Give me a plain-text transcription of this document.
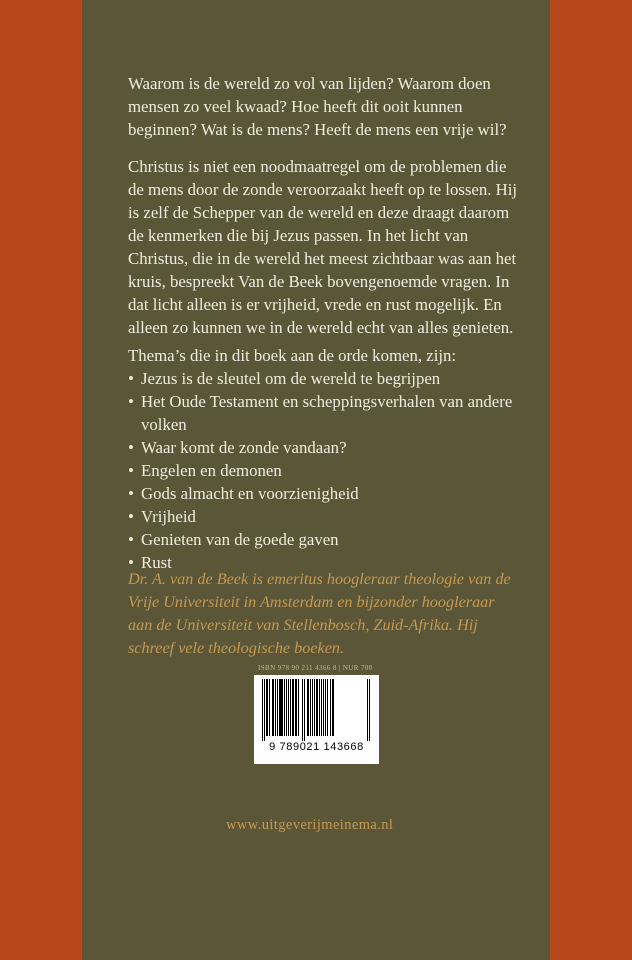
Waarom is de wereld zo vol van lijden? Waarom doen mensen zo veel kwaad? Hoe heeft dit ooit kunnen beginnen? Wat is de mens? Heeft de mens een vrije wil?

Christus is niet een noodmaatregel om de problemen die de mens door de zonde veroorzaakt heeft op te lossen. Hij is zelf de Schepper van de wereld en deze draagt daarom de kenmerken die bij Jezus passen. In het licht van Christus, die in de wereld het meest zichtbaar was aan het kruis, bespreekt Van de Beek bovengenoemde vragen. In dat licht alleen is er vrijheid, vrede en rust mogelijk. En alleen zo kunnen we in de wereld echt van alles genieten.

Thema’s die in dit boek aan de orde komen, zijn:

• Jezus is de sleutel om de wereld te begrijpen
• Het Oude Testament en scheppingsverhalen van andere volken
• Waar komt de zonde vandaan?
• Engelen en demonen
• Gods almacht en voorzienigheid
• Vrijheid
• Genieten van de goede gaven
• Rust

Dr. A. van de Beek is emeritus hoogleraar theologie van de Vrije Universiteit in Amsterdam en bijzonder hoogleraar aan de Universiteit van Stellenbosch, Zuid-Afrika. Hij schreef vele theologische boeken.

ISBN 978 90 211 4366 8 | NUR 700
9 789021 143668
www.uitgeverijmeinema.nl
